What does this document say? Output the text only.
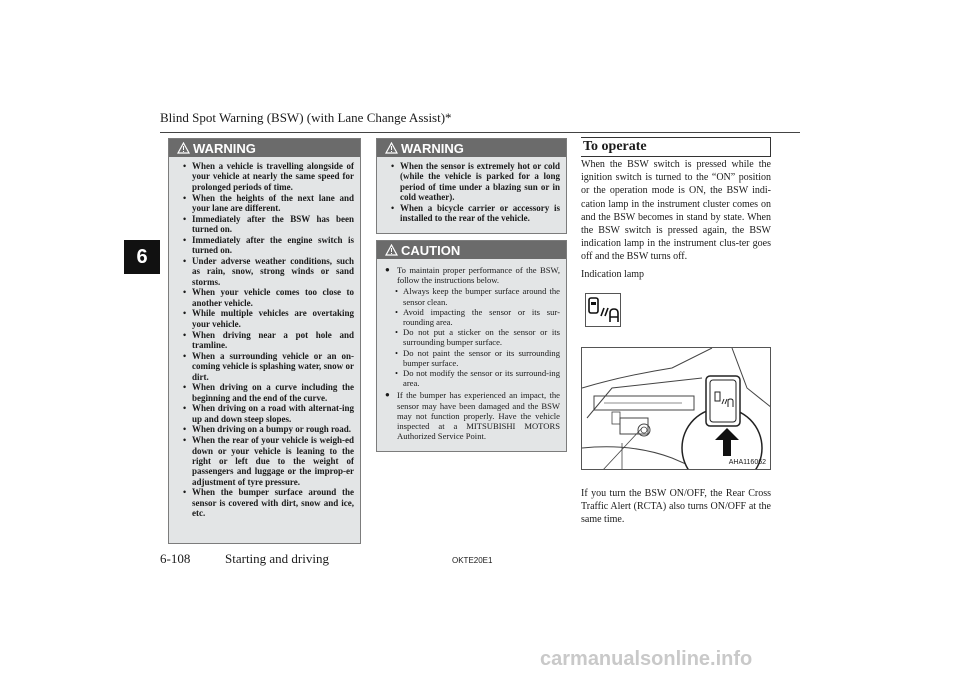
Blind Spot Warning (BSW) (with Lane Change Assist)*
6
WARNING
• When a vehicle is travelling alongside of your vehicle at nearly the same speed for prolonged periods of time.
• When the heights of the next lane and your lane are different.
• Immediately after the BSW has been turned on.
• Immediately after the engine switch is turned on.
• Under adverse weather conditions, such as rain, snow, strong winds or sand storms.
• When your vehicle comes too close to another vehicle.
• While multiple vehicles are overtaking your vehicle.
• When driving near a pot hole and tramline.
• When a surrounding vehicle or an on-coming vehicle is splashing water, snow or dirt.
• When driving on a curve including the beginning and the end of the curve.
• When driving on a road with alternat-ing up and down steep slopes.
• When driving on a bumpy or rough road.
• When the rear of your vehicle is weigh-ed down or your vehicle is leaning to the right or left due to the weight of passengers and luggage or the improp-er adjustment of tyre pressure.
• When the bumper surface around the sensor is covered with dirt, snow and ice, etc.
WARNING
• When the sensor is extremely hot or cold (while the vehicle is parked for a long period of time under a blazing sun or in cold weather).
• When a bicycle carrier or accessory is installed to the rear of the vehicle.
CAUTION
● To maintain proper performance of the BSW, follow the instructions below.
• Always keep the bumper surface around the sensor clean.
• Avoid impacting the sensor or its sur-rounding area.
• Do not put a sticker on the sensor or its surrounding bumper surface.
• Do not paint the sensor or its surrounding bumper surface.
• Do not modify the sensor or its surround-ing area.
● If the bumper has experienced an impact, the sensor may have been damaged and the BSW may not function properly. Have the vehicle inspected at a MITSUBISHI MOTORS Authorized Service Point.
To operate

When the BSW switch is pressed while the ignition switch is turned to the “ON” position or the operation mode is ON, the BSW indi-cation lamp in the instrument cluster comes on and the BSW becomes in stand by state. When the BSW switch is pressed again, the BSW indication lamp in the instrument clus-ter goes off and the BSW turns off.

Indication lamp

AHA116062

If you turn the BSW ON/OFF, the Rear Cross Traffic Alert (RCTA) also turns ON/OFF at the same time.

6-108	Starting and driving	OKTE20E1
carmanualsonline.info
